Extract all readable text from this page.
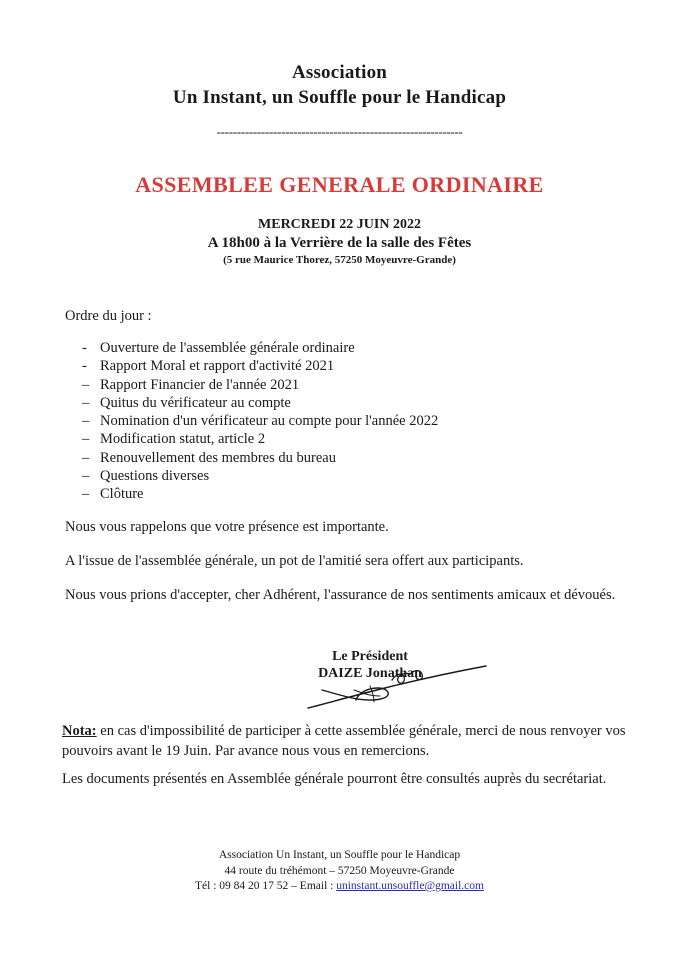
Association
Un Instant, un Souffle pour le Handicap
-------------------------------------------------------------
ASSEMBLEE GENERALE ORDINAIRE
MERCREDI 22 JUIN 2022
A 18h00 à la Verrière de la salle des Fêtes
(5 rue Maurice Thorez, 57250 Moyeuvre-Grande)
Ordre du jour :
- Ouverture de l'assemblée générale ordinaire
- Rapport Moral et rapport d'activité 2021
– Rapport Financier de l'année 2021
– Quitus du vérificateur au compte
– Nomination d'un vérificateur au compte pour l'année 2022
– Modification statut, article 2
– Renouvellement des membres du bureau
– Questions diverses
– Clôture
Nous vous rappelons que votre présence est importante.
A l'issue de l'assemblée générale, un pot de l'amitié sera offert aux participants.
Nous vous prions d'accepter, cher Adhérent, l'assurance de nos sentiments amicaux et dévoués.
Le Président
DAIZE Jonathan
Nota: en cas d'impossibilité de participer à cette assemblée générale, merci de nous renvoyer vos pouvoirs avant le 19 Juin. Par avance nous vous en remercions.
Les documents présentés en Assemblée générale pourront être consultés auprès du secrétariat.
Association Un Instant, un Souffle pour le Handicap
44 route du tréhémont – 57250 Moyeuvre-Grande
Tél : 09 84 20 17 52 – Email : uninstant.unsouffle@gmail.com
